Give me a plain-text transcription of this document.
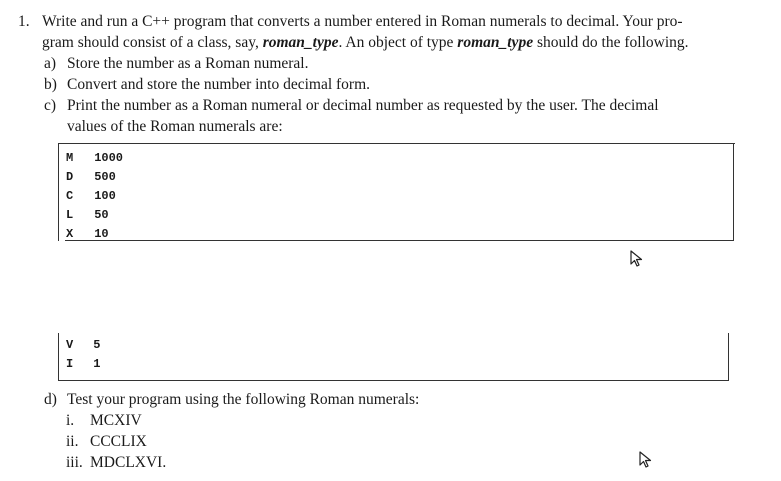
1. Write and run a C++ program that converts a number entered in Roman numerals to decimal. Your pro-
gram should consist of a class, say, roman_type. An object of type roman_type should do the following.
a) Store the number as a Roman numeral.
b) Convert and store the number into decimal form.
c) Print the number as a Roman numeral or decimal number as requested by the user. The decimal
values of the Roman numerals are:
M 1000
D 500
C 100
L 50
X 10
V 5
I 1
d) Test your program using the following Roman numerals:
i. MCXIV
ii. CCCLIX
iii. MDCLXVI.
